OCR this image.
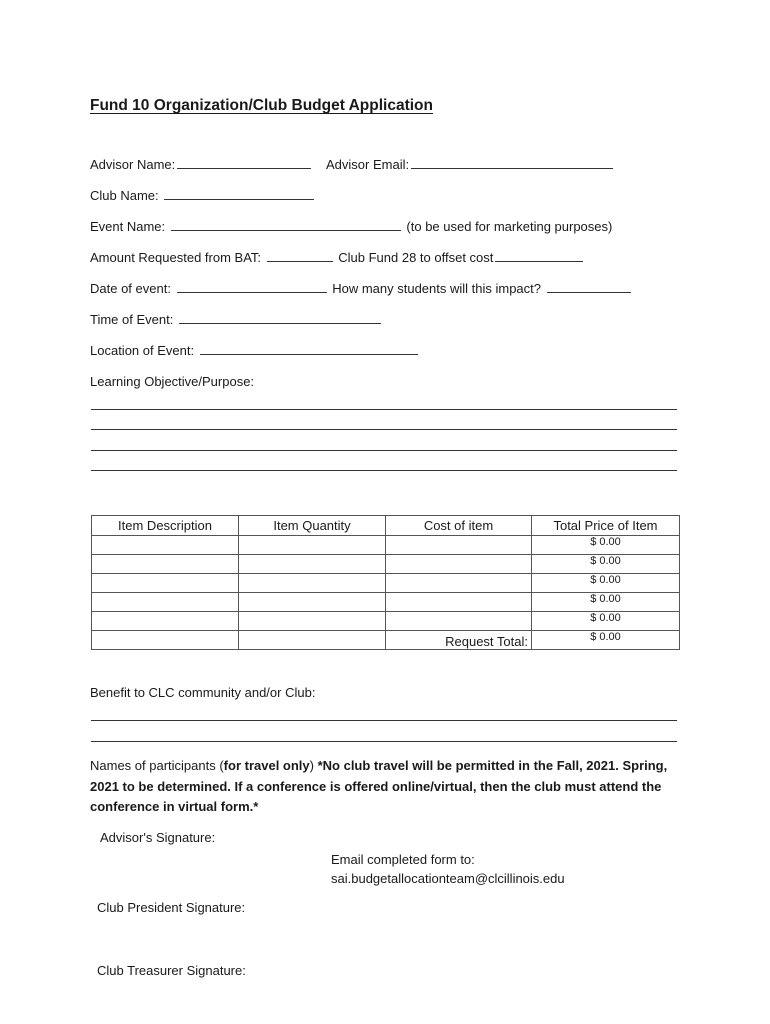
Fund 10 Organization/Club Budget Application
Advisor Name:	Advisor Email:
Club Name:
Event Name:	(to be used for marketing purposes)
Amount Requested from BAT:	Club Fund 28 to offset cost
Date of event:	How many students will this impact?
Time of Event:
Location of Event:
Learning Objective/Purpose:
Item Description	Item Quantity	Cost of item	Total Price of Item
			$ 0.00
			$ 0.00
			$ 0.00
			$ 0.00
			$ 0.00
		Request Total:	$ 0.00
Benefit to CLC community and/or Club:
Names of participants (for travel only) *No club travel will be permitted in the Fall, 2021. Spring, 2021 to be determined. If a conference is offered online/virtual, then the club must attend the conference in virtual form.*
Advisor's Signature:
Email completed form to:
sai.budgetallocationteam@clcillinois.edu
Club President Signature:
Club Treasurer Signature:
